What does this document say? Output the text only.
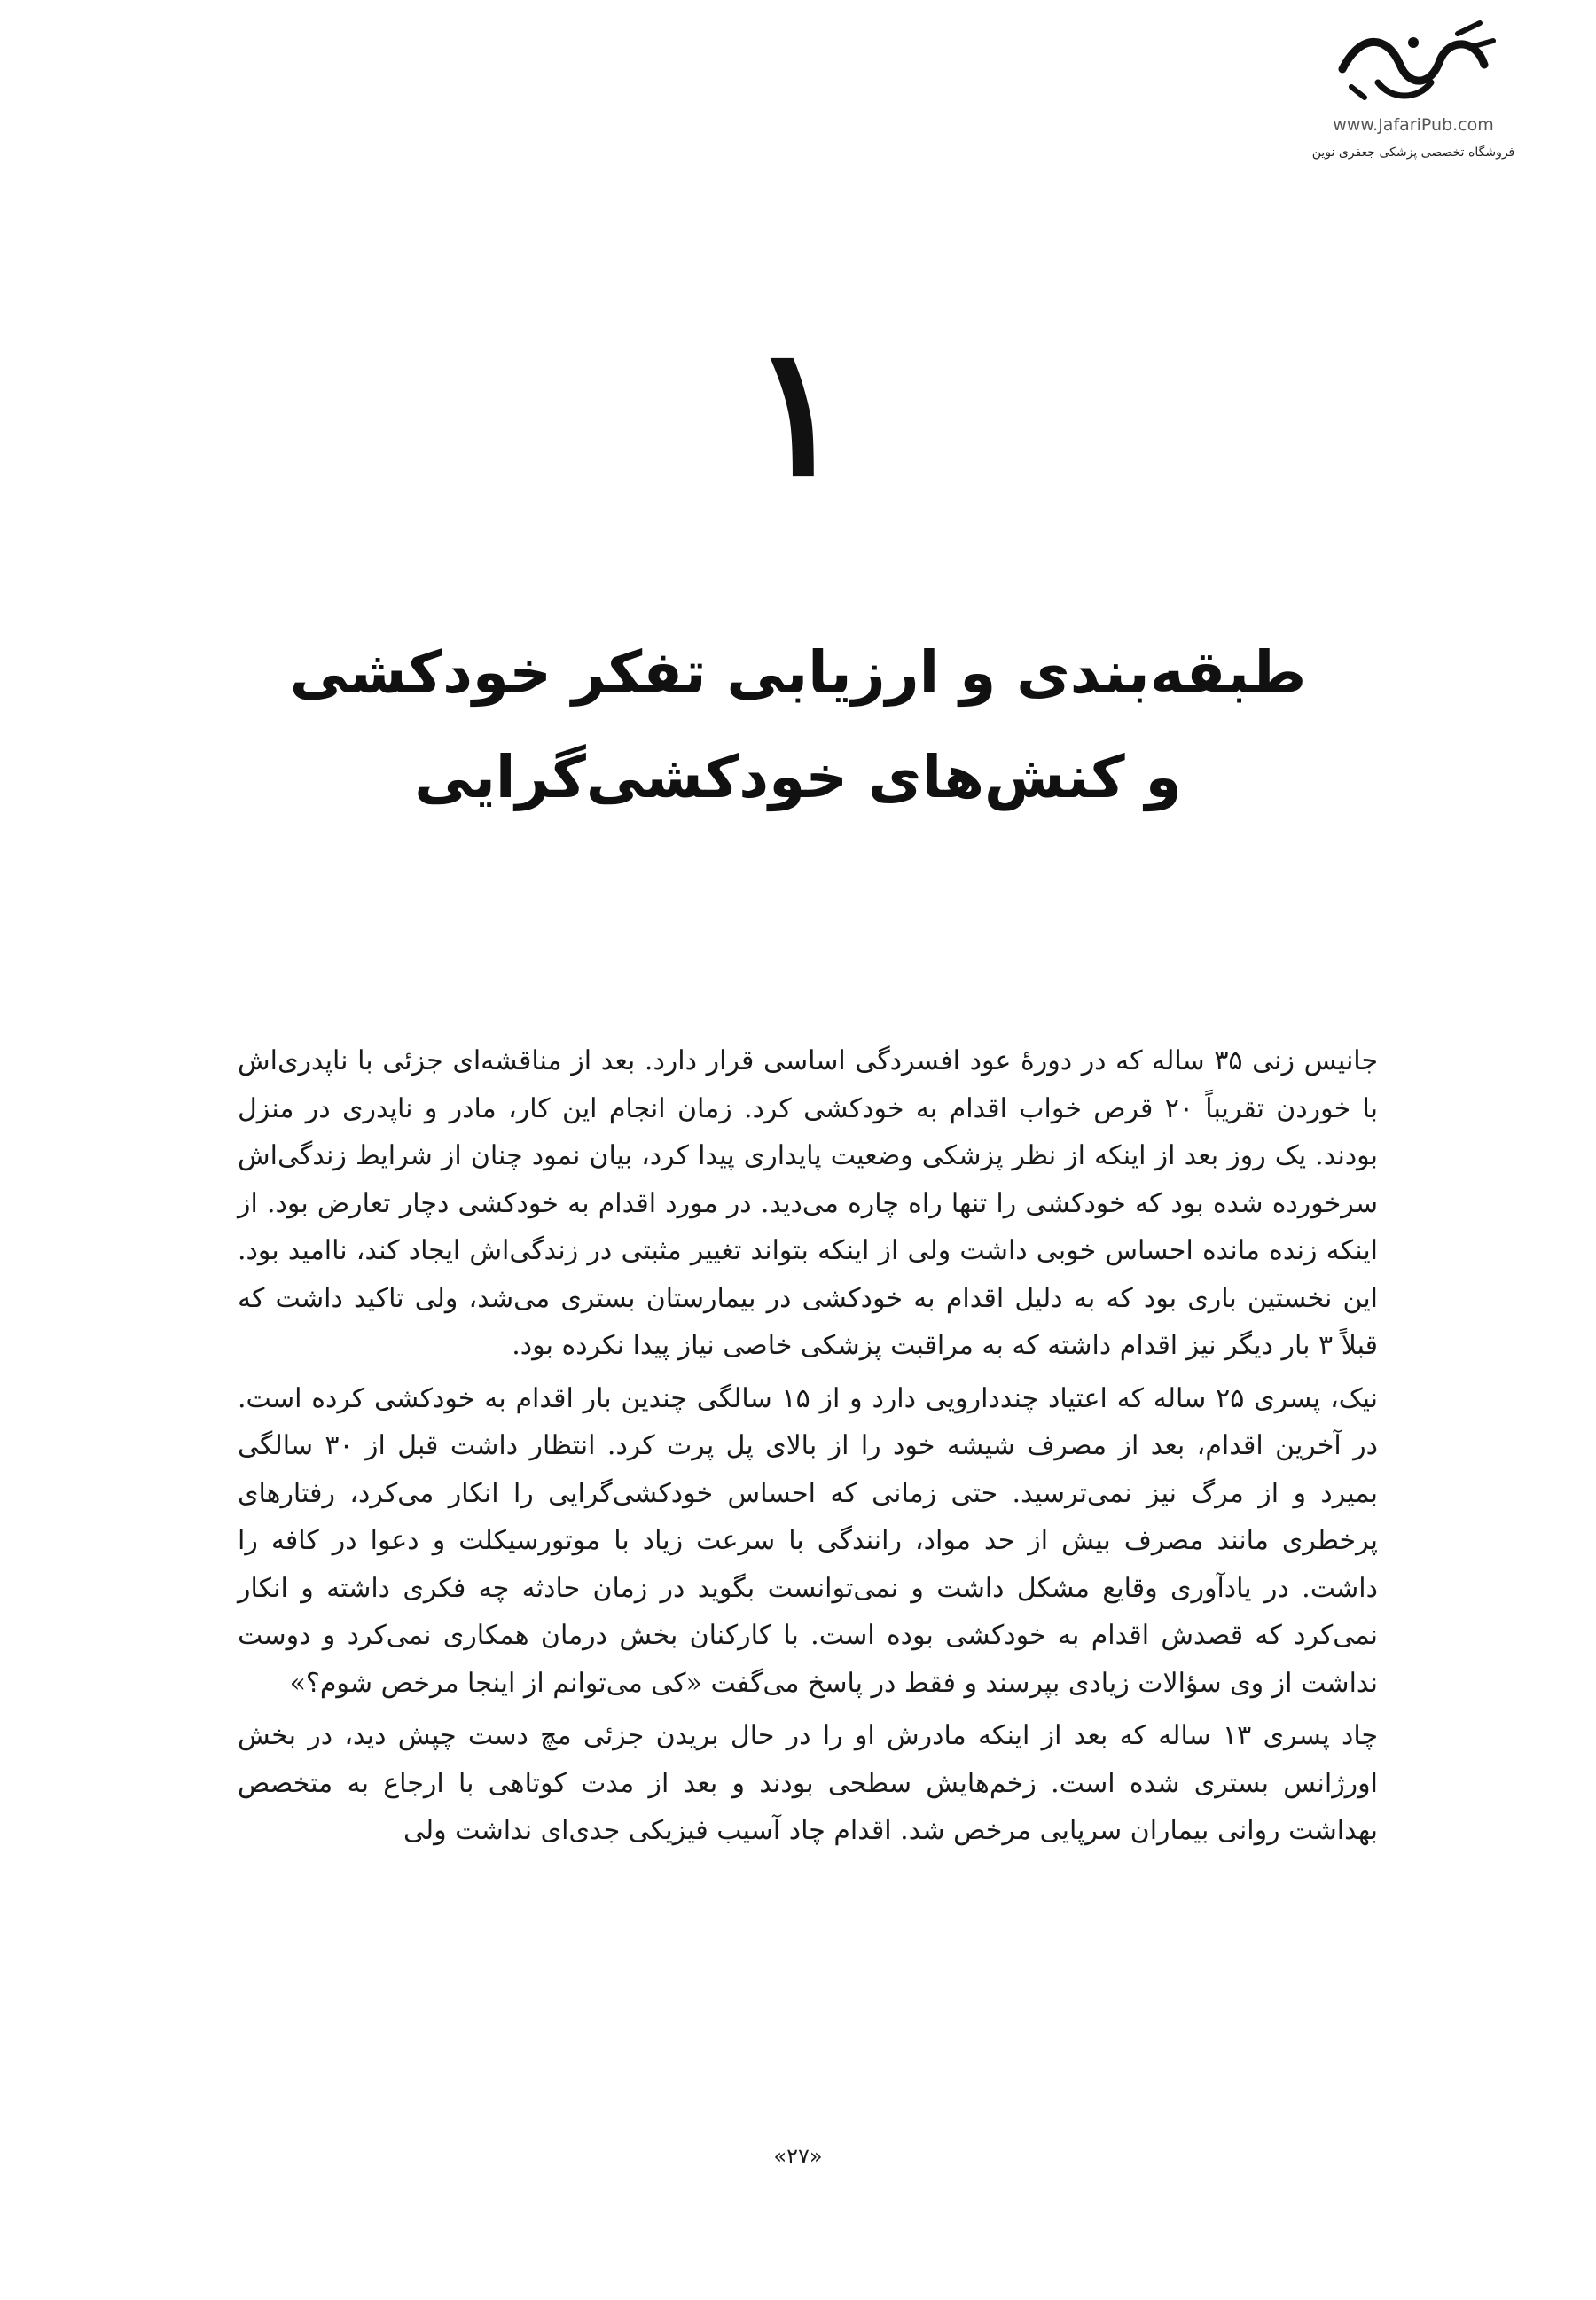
www.JafariPub.com
فروشگاه تخصصی پزشکی جعفری نوین
۱
طبقه‌بندی و ارزیابی تفکر خودکشی
و کنش‌های خودکشی‌گرایی

جانیس زنی ۳۵ ساله که در دورهٔ عود افسردگی اساسی قرار دارد. بعد از مناقشه‌ای جزئی با ناپدری‌اش با خوردن تقریباً ۲۰ قرص خواب اقدام به خودکشی کرد. زمان انجام این کار، مادر و ناپدری در منزل بودند. یک روز بعد از اینکه از نظر پزشکی وضعیت پایداری پیدا کرد، بیان نمود چنان از شرایط زندگی‌اش سرخورده شده بود که خودکشی را تنها راه چاره می‌دید. در مورد اقدام به خودکشی دچار تعارض بود. از اینکه زنده مانده احساس خوبی داشت ولی از اینکه بتواند تغییر مثبتی در زندگی‌اش ایجاد کند، ناامید بود. این نخستین باری بود که به دلیل اقدام به خودکشی در بیمارستان بستری می‌شد، ولی تاکید داشت که قبلاً ۳ بار دیگر نیز اقدام داشته که به مراقبت پزشکی خاصی نیاز پیدا نکرده بود.

نیک، پسری ۲۵ ساله که اعتیاد چنددارویی دارد و از ۱۵ سالگی چندین بار اقدام به خودکشی کرده است. در آخرین اقدام، بعد از مصرف شیشه خود را از بالای پل پرت کرد. انتظار داشت قبل از ۳۰ سالگی بمیرد و از مرگ نیز نمی‌ترسید. حتی زمانی که احساس خودکشی‌گرایی را انکار می‌کرد، رفتارهای پرخطری مانند مصرف بیش از حد مواد، رانندگی با سرعت زیاد با موتورسیکلت و دعوا در کافه را داشت. در یادآوری وقایع مشکل داشت و نمی‌توانست بگوید در زمان حادثه چه فکری داشته و انکار نمی‌کرد که قصدش اقدام به خودکشی بوده است. با کارکنان بخش درمان همکاری نمی‌کرد و دوست نداشت از وی سؤالات زیادی بپرسند و فقط در پاسخ می‌گفت «کی می‌توانم از اینجا مرخص شوم؟»

چاد پسری ۱۳ ساله که بعد از اینکه مادرش او را در حال بریدن جزئی مچ دست چپش دید، در بخش اورژانس بستری شده است. زخم‌هایش سطحی بودند و بعد از مدت کوتاهی با ارجاع به متخصص بهداشت روانی بیماران سرپایی مرخص شد. اقدام چاد آسیب فیزیکی جدی‌ای نداشت ولی

«۲۷»
